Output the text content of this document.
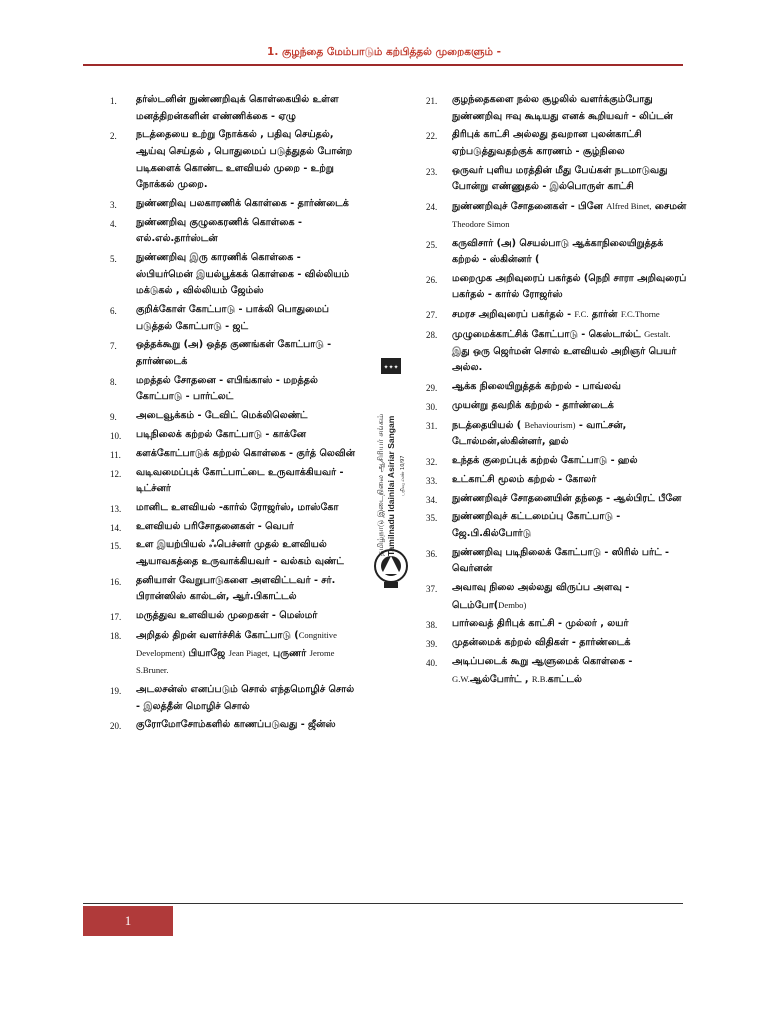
1. குழந்தை மேம்பாடும் கற்பித்தல் முறைகளும் -
1.	தர்ஸ்டனின் நுண்ணறிவுக் கொள்கையில் உள்ள மனத்திறன்களின் எண்ணிக்கை - ஏழு
2.	நடத்தையை உற்று நோக்கல் , பதிவு செய்தல், ஆய்வு செய்தல் , பொதுமைப் படுத்துதல் போன்ற படிகளைக் கொண்ட உளவியல் முறை - உற்று நோக்கல் முறை.
3.	நுண்ணறிவு பலகாரணிக் கொள்கை - தார்ண்டைக்
4.	நுண்ணறிவு குழுகைரணிக் கொள்கை - எல்.எல்.தார்ஸ்டன்
5.	நுண்ணறிவு இரு காரணிக் கொள்கை - ஸ்பியர்மென் இயல்பூக்கக் கொள்கை - வில்லியம் மக்டுகல் , வில்லியம் ஜேம்ஸ்
6.	குறிக்கோள் கோட்பாடு - பாக்லி பொதுமைப் படுத்தல் கோட்பாடு - ஜட்
7.	ஒத்தக்கூறு (அ) ஒத்த குணங்கள் கோட்பாடு - தார்ண்டைக்
8.	மறத்தல் சோதனை - எபிங்காஸ் - மறத்தல் கோட்பாடு - பார்ட்லட்
9.	அடைவூக்கம் - டேவிட் மெக்லிலெண்ட்
10.	படிநிலைக் கற்றல் கோட்பாடு - காக்னே
11.	களக்கோட்பாடுக் கற்றல் கொள்கை - குர்த் லெவின்
12.	வடிவமைப்புக் கோட்பாட்டை உருவாக்கியவர் - டிட்ச்னர்
13.	மானிட உளவியல் -கார்ல் ரோஜர்ஸ், மாஸ்கோ
14.	உளவியல் பரிசோதனைகள் - வெபர்
15.	உள இயற்பியல் ஃபெச்னர் முதல் உளவியல் ஆயாவகத்தை உருவாக்கியவர் - வல்கம் வுண்ட்
16.	தனியாள் வேறுபாடுகளை அளவிட்டவர் - சர். பிரான்ஸிஸ் கால்டன், ஆர்.பிகாட்டல்
17.	மருத்துவ உளவியல் முறைகள் - மெஸ்மர்
18.	அறிதல் திறன் வளர்ச்சிக் கோட்பாடு (Congnitive Development) பியாஜே Jean Piaget, புருணர் Jerome S.Bruner.
19.	அடலசன்ஸ் எனப்படும் சொல் எந்தமொழிச் சொல் - இலத்தீன் மொழிச் சொல்
20.	குரோமோசோம்களில் காணப்படுவது - ஜீன்ஸ்
21.	குழந்தைகளை நல்ல சூழலில் வளர்க்கும்போது நுண்ணறிவு ஈவு கூடியது எனக் கூறியவர் - லிப்டன்
22.	திரிபுக் காட்சி அல்லது தவறான புலன்காட்சி ஏற்படுத்துவதற்குக் காரணம் - சூழ்நிலை
23.	ஒருவர் புளிய மரத்தின் மீது பேய்கள் நடமாடுவது போன்று எண்ணுதல் - இல்பொருள் காட்சி
24.	நுண்ணறிவுச் சோதனைகள் - பினே Alfred Binet, சைமன் Theodore Simon
25.	கருவிசார் (அ) செயல்பாடு ஆக்காநிலையிறுத்தக் கற்றல் - ஸ்கின்னர் (
26.	மறைமுக அறிவுரைப் பகர்தல் (நெறி சாரா அறிவுரைப் பகர்தல் - கார்ல் ரோஜர்ஸ்
27.	சமரச அறிவுரைப் பகர்தல் - F.C. தார்ன் F.C.Thorne
28.	முழுமைக்காட்சிக் கோட்பாடு - கெஸ்டால்ட் Gestalt. இது ஒரு ஜெர்மன் சொல் உளவியல் அறிஞர் பெயர் அல்ல.
29.	ஆக்க நிலையிறுத்தக் கற்றல் - பாவ்லவ்
30.	முயன்று தவறிக் கற்றல் - தார்ண்டைக்
31.	நடத்தையியல் ( Behaviourism) - வாட்சன், டோல்மன்,ஸ்கின்னர், ஹல்
32.	உந்தக் குறைப்புக் கற்றல் கோட்பாடு - ஹல்
33.	உட்காட்சி மூலம் கற்றல் - கோலர்
34.	நுண்ணறிவுச் சோதனையின் தந்தை - ஆல்பிரட் பீனே
35.	நுண்ணறிவுச் கட்டமைப்பு கோட்பாடு - ஜே.பி.கில்போர்டு
36.	நுண்ணறிவு படிநிலைக் கோட்பாடு - ஸிரில் பர்ட் - வெர்னன்
37.	அவாவு நிலை அல்லது விருப்ப அளவு - டெம்போ(Dembo)
38.	பார்வைத் திரிபுக் காட்சி - முல்லர் , லயர்
39.	முதன்மைக் கற்றல் விதிகள் - தார்ண்டைக்
40.	அடிப்படைக் கூறு ஆளுமைக் கொள்கை - G.W.ஆல்போர்ட் , R.B.காட்டல்
✦✦✦
தமிழ்நாடு இடைநிலை ஆசிரியர் சங்கம் Tamilnadu Idainilai Asiriar Sangam பதிவு எண் 10/97
1
